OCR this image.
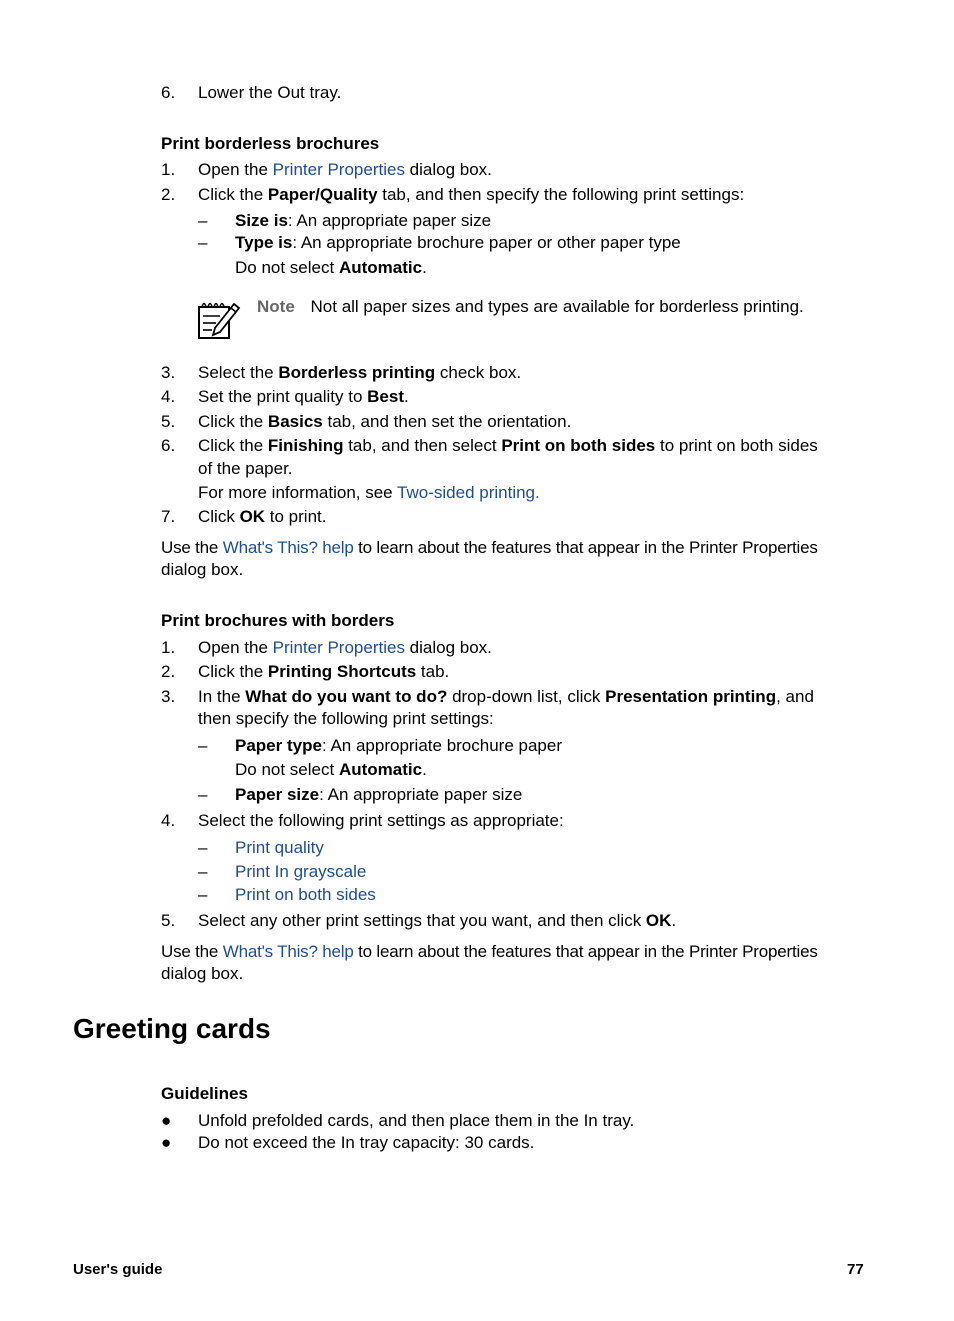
6.	Lower the Out tray.
Print borderless brochures
1. Open the Printer Properties dialog box.
2. Click the Paper/Quality tab, and then specify the following print settings:
– Size is: An appropriate paper size
– Type is: An appropriate brochure paper or other paper type
Do not select Automatic.
Note Not all paper sizes and types are available for borderless printing.
3. Select the Borderless printing check box.
4. Set the print quality to Best.
5. Click the Basics tab, and then set the orientation.
6. Click the Finishing tab, and then select Print on both sides to print on both sides
of the paper.
For more information, see Two-sided printing.
7. Click OK to print.
Use the What's This? help to learn about the features that appear in the Printer Properties
dialog box.
Print brochures with borders
1. Open the Printer Properties dialog box.
2. Click the Printing Shortcuts tab.
3. In the What do you want to do? drop-down list, click Presentation printing, and
then specify the following print settings:
– Paper type: An appropriate brochure paper
Do not select Automatic.
– Paper size: An appropriate paper size
4. Select the following print settings as appropriate:
– Print quality
– Print In grayscale
– Print on both sides
5. Select any other print settings that you want, and then click OK.
Use the What's This? help to learn about the features that appear in the Printer Properties
dialog box.
Greeting cards
Guidelines
● Unfold prefolded cards, and then place them in the In tray.
● Do not exceed the In tray capacity: 30 cards.
User's guide	77
